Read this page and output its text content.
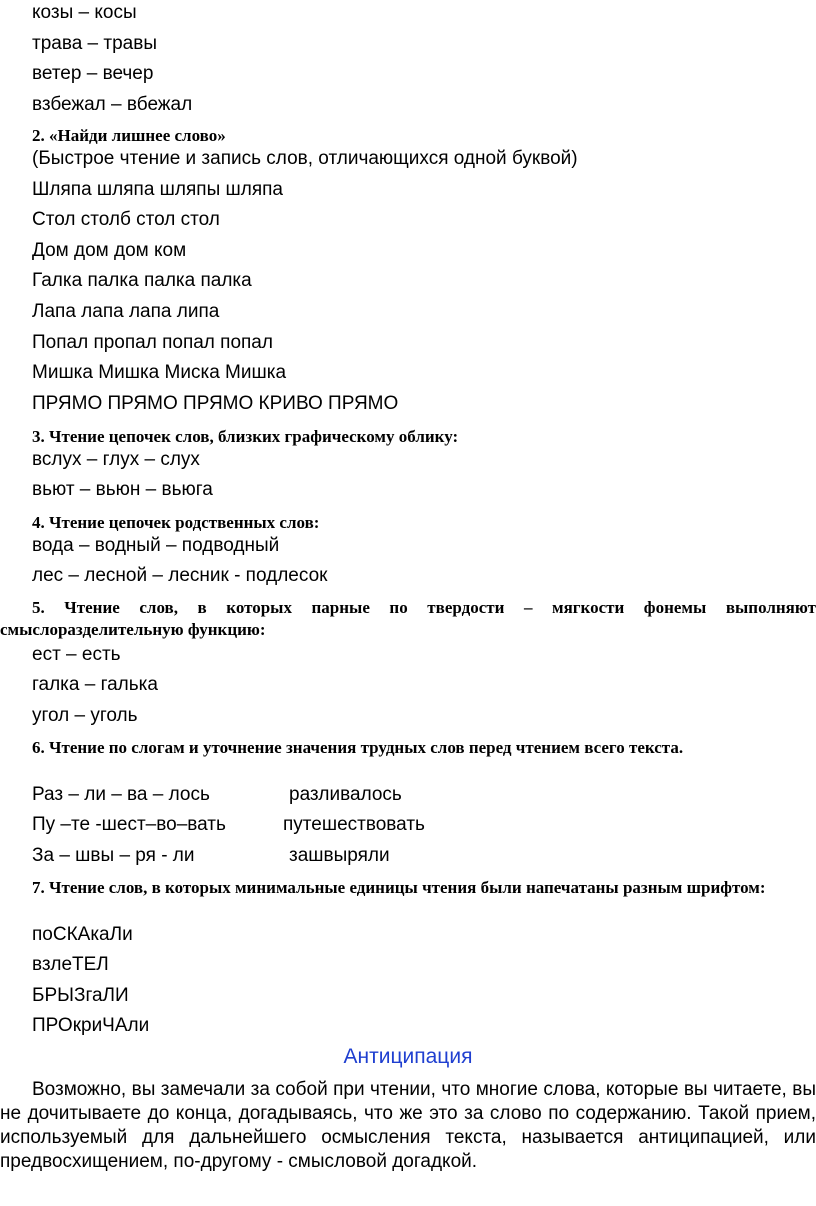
козы – косы
трава – травы
ветер – вечер
взбежал – вбежал
2. «Найди лишнее слово»
(Быстрое чтение и запись слов, отличающихся одной буквой)
Шляпа шляпа шляпы шляпа
Стол столб стол стол
Дом дом дом ком
Галка палка палка палка
Лапа лапа лапа липа
Попал пропал попал попал
Мишка Мишка Миска Мишка
ПРЯМО ПРЯМО ПРЯМО КРИВО ПРЯМО
3. Чтение цепочек слов, близких графическому облику:
вслух – глух – слух
вьют – вьюн – вьюга
4. Чтение цепочек родственных слов:
вода – водный – подводный
лес – лесной – лесник - подлесок
5. Чтение слов, в которых парные по твердости – мягкости фонемы выполняют смыслоразделительную функцию:
ест – есть
галка – галька
угол – уголь
6. Чтение по слогам и уточнение значения трудных слов перед чтением всего текста.
Раз – ли – ва – лось	разливалось
Пу –те -шест–во–вать	путешествовать
За – швы – ря - ли	зашвыряли
7. Чтение слов, в которых минимальные единицы чтения были напечатаны разным шрифтом:
поСКАкаЛи
взлеТЕЛ
БРЫЗгаЛИ
ПРОкриЧАли
Антиципация
Возможно, вы замечали за собой при чтении, что многие слова, которые вы читаете, вы не дочитываете до конца, догадываясь, что же это за слово по содержанию. Такой прием, используемый для дальнейшего осмысления текста, называется антиципацией, или предвосхищением, по-другому - смысловой догадкой.
